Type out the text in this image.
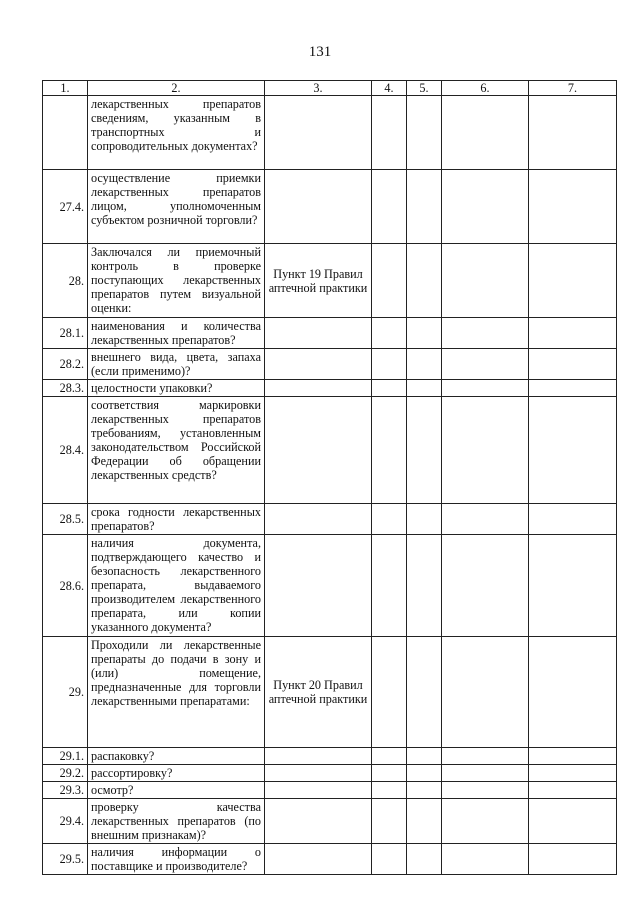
131
1.	2.	3.	4.	5.	6.	7.
	лекарственных препаратов сведениям, указанным в транспортных и сопроводительных документах?					
27.4.	осуществление приемки лекарственных препаратов лицом, уполномоченным субъектом розничной торговли?					
28.	Заключался ли приемочный контроль в проверке поступающих лекарственных препаратов путем визуальной оценки:	Пункт 19 Правил аптечной практики				
28.1.	наименования и количества лекарственных препаратов?					
28.2.	внешнего вида, цвета, запаха (если применимо)?					
28.3.	целостности упаковки?					
28.4.	соответствия маркировки лекарственных препаратов требованиям, установленным законодательством Российской Федерации об обращении лекарственных средств?					
28.5.	срока годности лекарственных препаратов?					
28.6.	наличия документа, подтверждающего качество и безопасность лекарственного препарата, выдаваемого производителем лекарственного препарата, или копии указанного документа?					
29.	Проходили ли лекарственные препараты до подачи в зону и (или) помещение, предназначенные для торговли лекарственными препаратами:	Пункт 20 Правил аптечной практики				
29.1.	распаковку?					
29.2.	рассортировку?					
29.3.	осмотр?					
29.4.	проверку качества лекарственных препаратов (по внешним признакам)?					
29.5.	наличия информации о поставщике и производителе?					
